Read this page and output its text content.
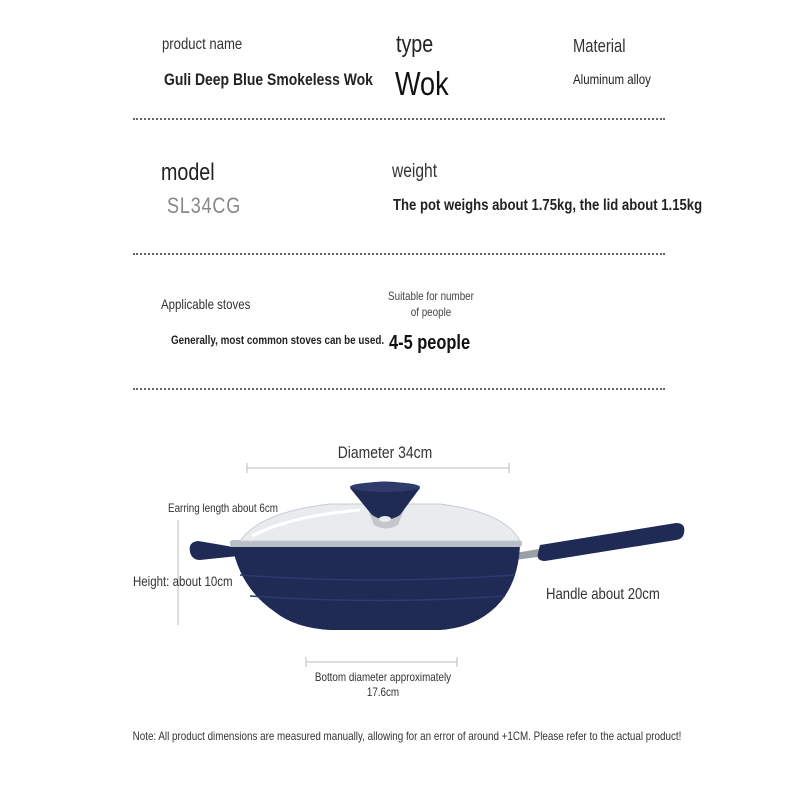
product name
Guli Deep Blue Smokeless Wok
type
Wok
Material
Aluminum alloy
model
SL34CG
weight
The pot weighs about 1.75kg, the lid about 1.15kg
Applicable stoves
Generally, most common stoves can be used.
Suitable for number
of people
4-5 people
Diameter 34cm
Earring length about 6cm
Height: about 10cm
Handle about 20cm
Bottom diameter approximately
17.6cm
Note: All product dimensions are measured manually, allowing for an error of around +1CM. Please refer to the actual product!
